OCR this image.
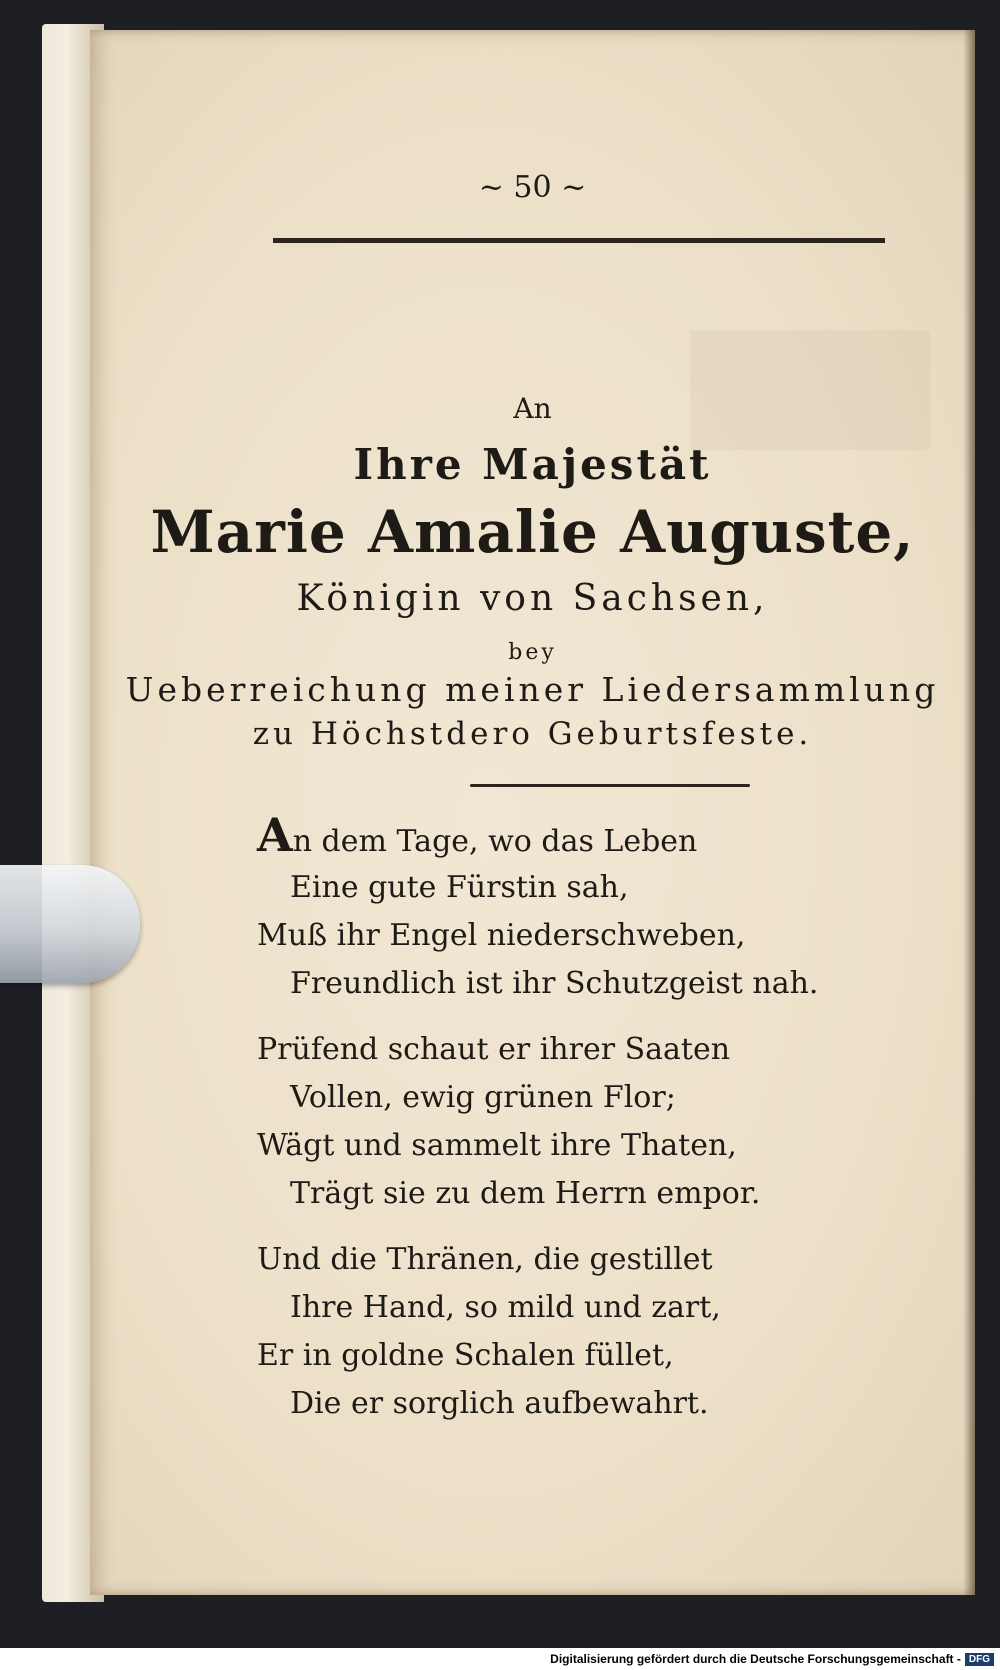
~ 50 ~
An
Ihre Majestät
Marie Amalie Auguste,
Königin von Sachsen,
bey
Ueberreichung meiner Liedersammlung
zu Höchstdero Geburtsfeste.
An dem Tage, wo das Leben
Eine gute Fürstin sah,
Muß ihr Engel niederschweben,
Freundlich ist ihr Schutzgeist nah.
Prüfend schaut er ihrer Saaten
Vollen, ewig grünen Flor;
Wägt und sammelt ihre Thaten,
Trägt sie zu dem Herrn empor.
Und die Thränen, die gestillet
Ihre Hand, so mild und zart,
Er in goldne Schalen füllet,
Die er sorglich aufbewahrt.
Digitalisierung gefördert durch die Deutsche Forschungsgemeinschaft - DFG
